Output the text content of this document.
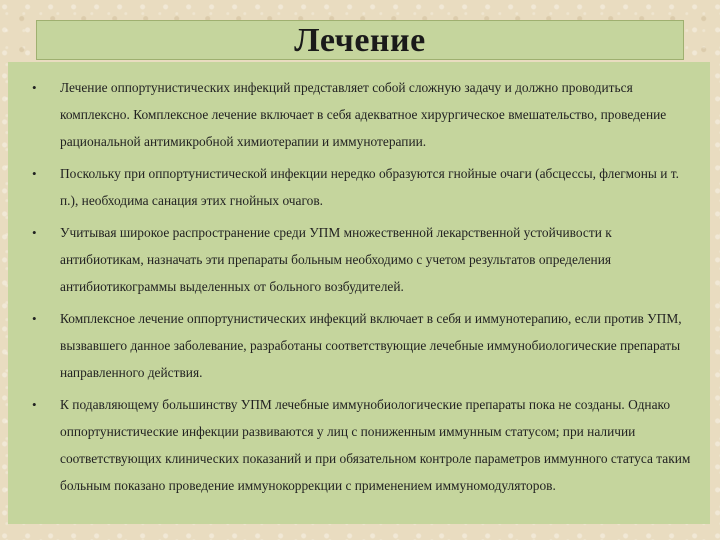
Лечение
• Лечение оппортунистических инфекций представляет собой сложную задачу и должно проводиться комплексно. Комплексное лечение включает в себя адекватное хирургическое вмешательство, проведение рациональной антимикробной химиотерапии и иммунотерапии.
• Поскольку при оппортунистической инфекции нередко образуются гнойные очаги (абсцессы, флегмоны и т. п.), необходима санация этих гнойных очагов.
• Учитывая широкое распространение среди УПМ множественной лекарственной устойчивости к антибиотикам, назначать эти препараты больным необходимо с учетом результатов определения антибиотикограммы выделенных от больного возбудителей.
• Комплексное лечение оппортунистических инфекций включает в себя и иммунотерапию, если против УПМ, вызвавшего данное заболевание, разработаны соответствующие лечебные иммунобиологические препараты направленного действия.
• К подавляющему большинству УПМ лечебные иммунобиологические препараты пока не созданы. Однако оппортунистические инфекции развиваются у лиц с пониженным иммунным статусом; при наличии соответствующих клинических показаний и при обязательном контроле параметров иммунного статуса таким больным показано проведение иммунокоррекции с применением иммуномодуляторов.
